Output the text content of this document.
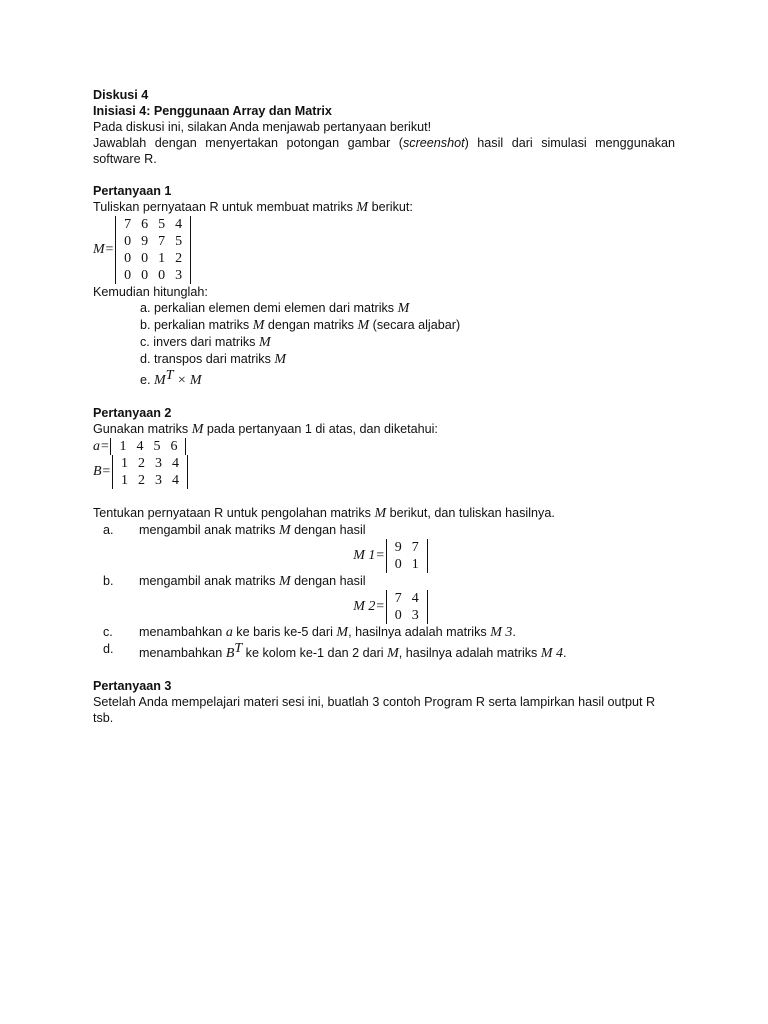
Diskusi 4
Inisiasi 4: Penggunaan Array dan Matrix
Pada diskusi ini, silakan Anda menjawab pertanyaan berikut!
Jawablah dengan menyertakan potongan gambar (screenshot) hasil dari simulasi menggunakan software R.
Pertanyaan 1
Tuliskan pernyataan R untuk membuat matriks M berikut:
M=
7	6	5	4
0	9	7	5
0	0	1	2
0	0	0	3
Kemudian hitunglah:
a. perkalian elemen demi elemen dari matriks M
b. perkalian matriks M dengan matriks M (secara aljabar)
c. invers dari matriks M
d. transpos dari matriks M
e. $M^T \times M$
Pertanyaan 2
Gunakan matriks M pada pertanyaan 1 di atas, dan diketahui:
a= 1	4	5	6
B=
1	2	3	4
1	2	3	4
Tentukan pernyataan R untuk pengolahan matriks M berikut, dan tuliskan hasilnya.
a.	mengambil anak matriks M dengan hasil
M 1=
9	7
0	1
b.	mengambil anak matriks M dengan hasil
M 2=
7	4
0	3
c.	menambahkan a ke baris ke-5 dari M, hasilnya adalah matriks M 3.
d.	menambahkan $B^T$ ke kolom ke-1 dan 2 dari M, hasilnya adalah matriks M 4.
Pertanyaan 3
Setelah Anda mempelajari materi sesi ini, buatlah 3 contoh Program R serta lampirkan hasil output R tsb.
